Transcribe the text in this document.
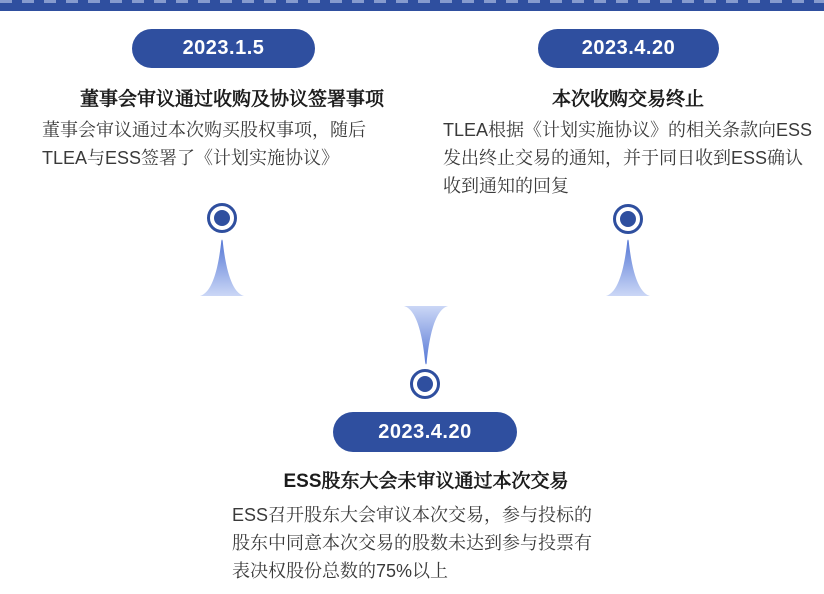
2023.1.5
董事会审议通过收购及协议签署事项
董事会审议通过本次购买股权事项，随后
TLEA与ESS签署了《计划实施协议》
2023.4.20
本次收购交易终止
TLEA根据《计划实施协议》的相关条款向ESS
发出终止交易的通知，并于同日收到ESS确认
收到通知的回复
2023.4.20
ESS股东大会未审议通过本次交易
ESS召开股东大会审议本次交易，参与投标的
股东中同意本次交易的股数未达到参与投票有
表决权股份总数的75%以上
